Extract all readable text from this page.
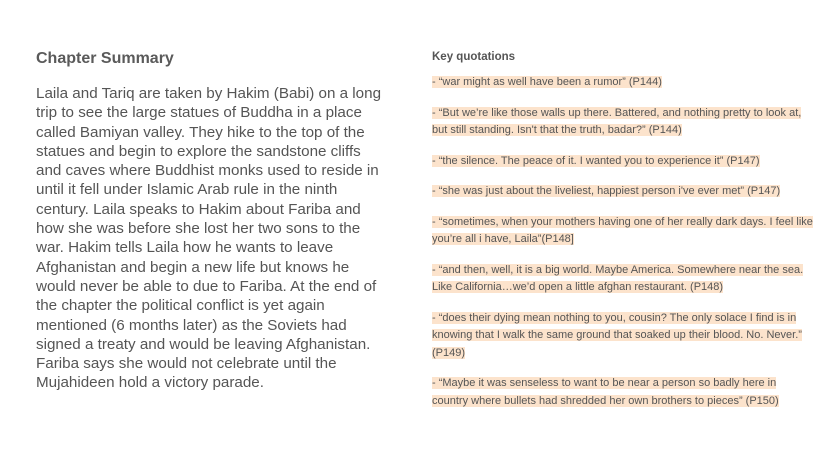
Chapter Summary

Laila and Tariq are taken by Hakim (Babi) on a long trip to see the large statues of Buddha in a place called Bamiyan valley. They hike to the top of the statues and begin to explore the sandstone cliffs and caves where Buddhist monks used to reside in until it fell under Islamic Arab rule in the ninth century. Laila speaks to Hakim about Fariba and how she was before she lost her two sons to the war. Hakim tells Laila how he wants to leave Afghanistan and begin a new life but knows he would never be able to due to Fariba. At the end of the chapter the political conflict is yet again mentioned (6 months later) as the Soviets had signed a treaty and would be leaving Afghanistan. Fariba says she would not celebrate until the Mujahideen hold a victory parade.

Key quotations
- “war might as well have been a rumor” (P144)
- “But we’re like those walls up there. Battered, and nothing pretty to look at, but still standing. Isn't that the truth, badar?” (P144)
- “the silence. The peace of it. I wanted you to experience it” (P147)
- “she was just about the liveliest, happiest person i've ever met” (P147)
- “sometimes, when your mothers having one of her really dark days. I feel like you’re all i have, Laila”(P148]
- “and then, well, it is a big world. Maybe America. Somewhere near the sea. Like California…we’d open a little afghan restaurant. (P148)
- “does their dying mean nothing to you, cousin? The only solace I find is in knowing that I walk the same ground that soaked up their blood. No. Never.” (P149)
- “Maybe it was senseless to want to be near a person so badly here in country where bullets had shredded her own brothers to pieces” (P150)
